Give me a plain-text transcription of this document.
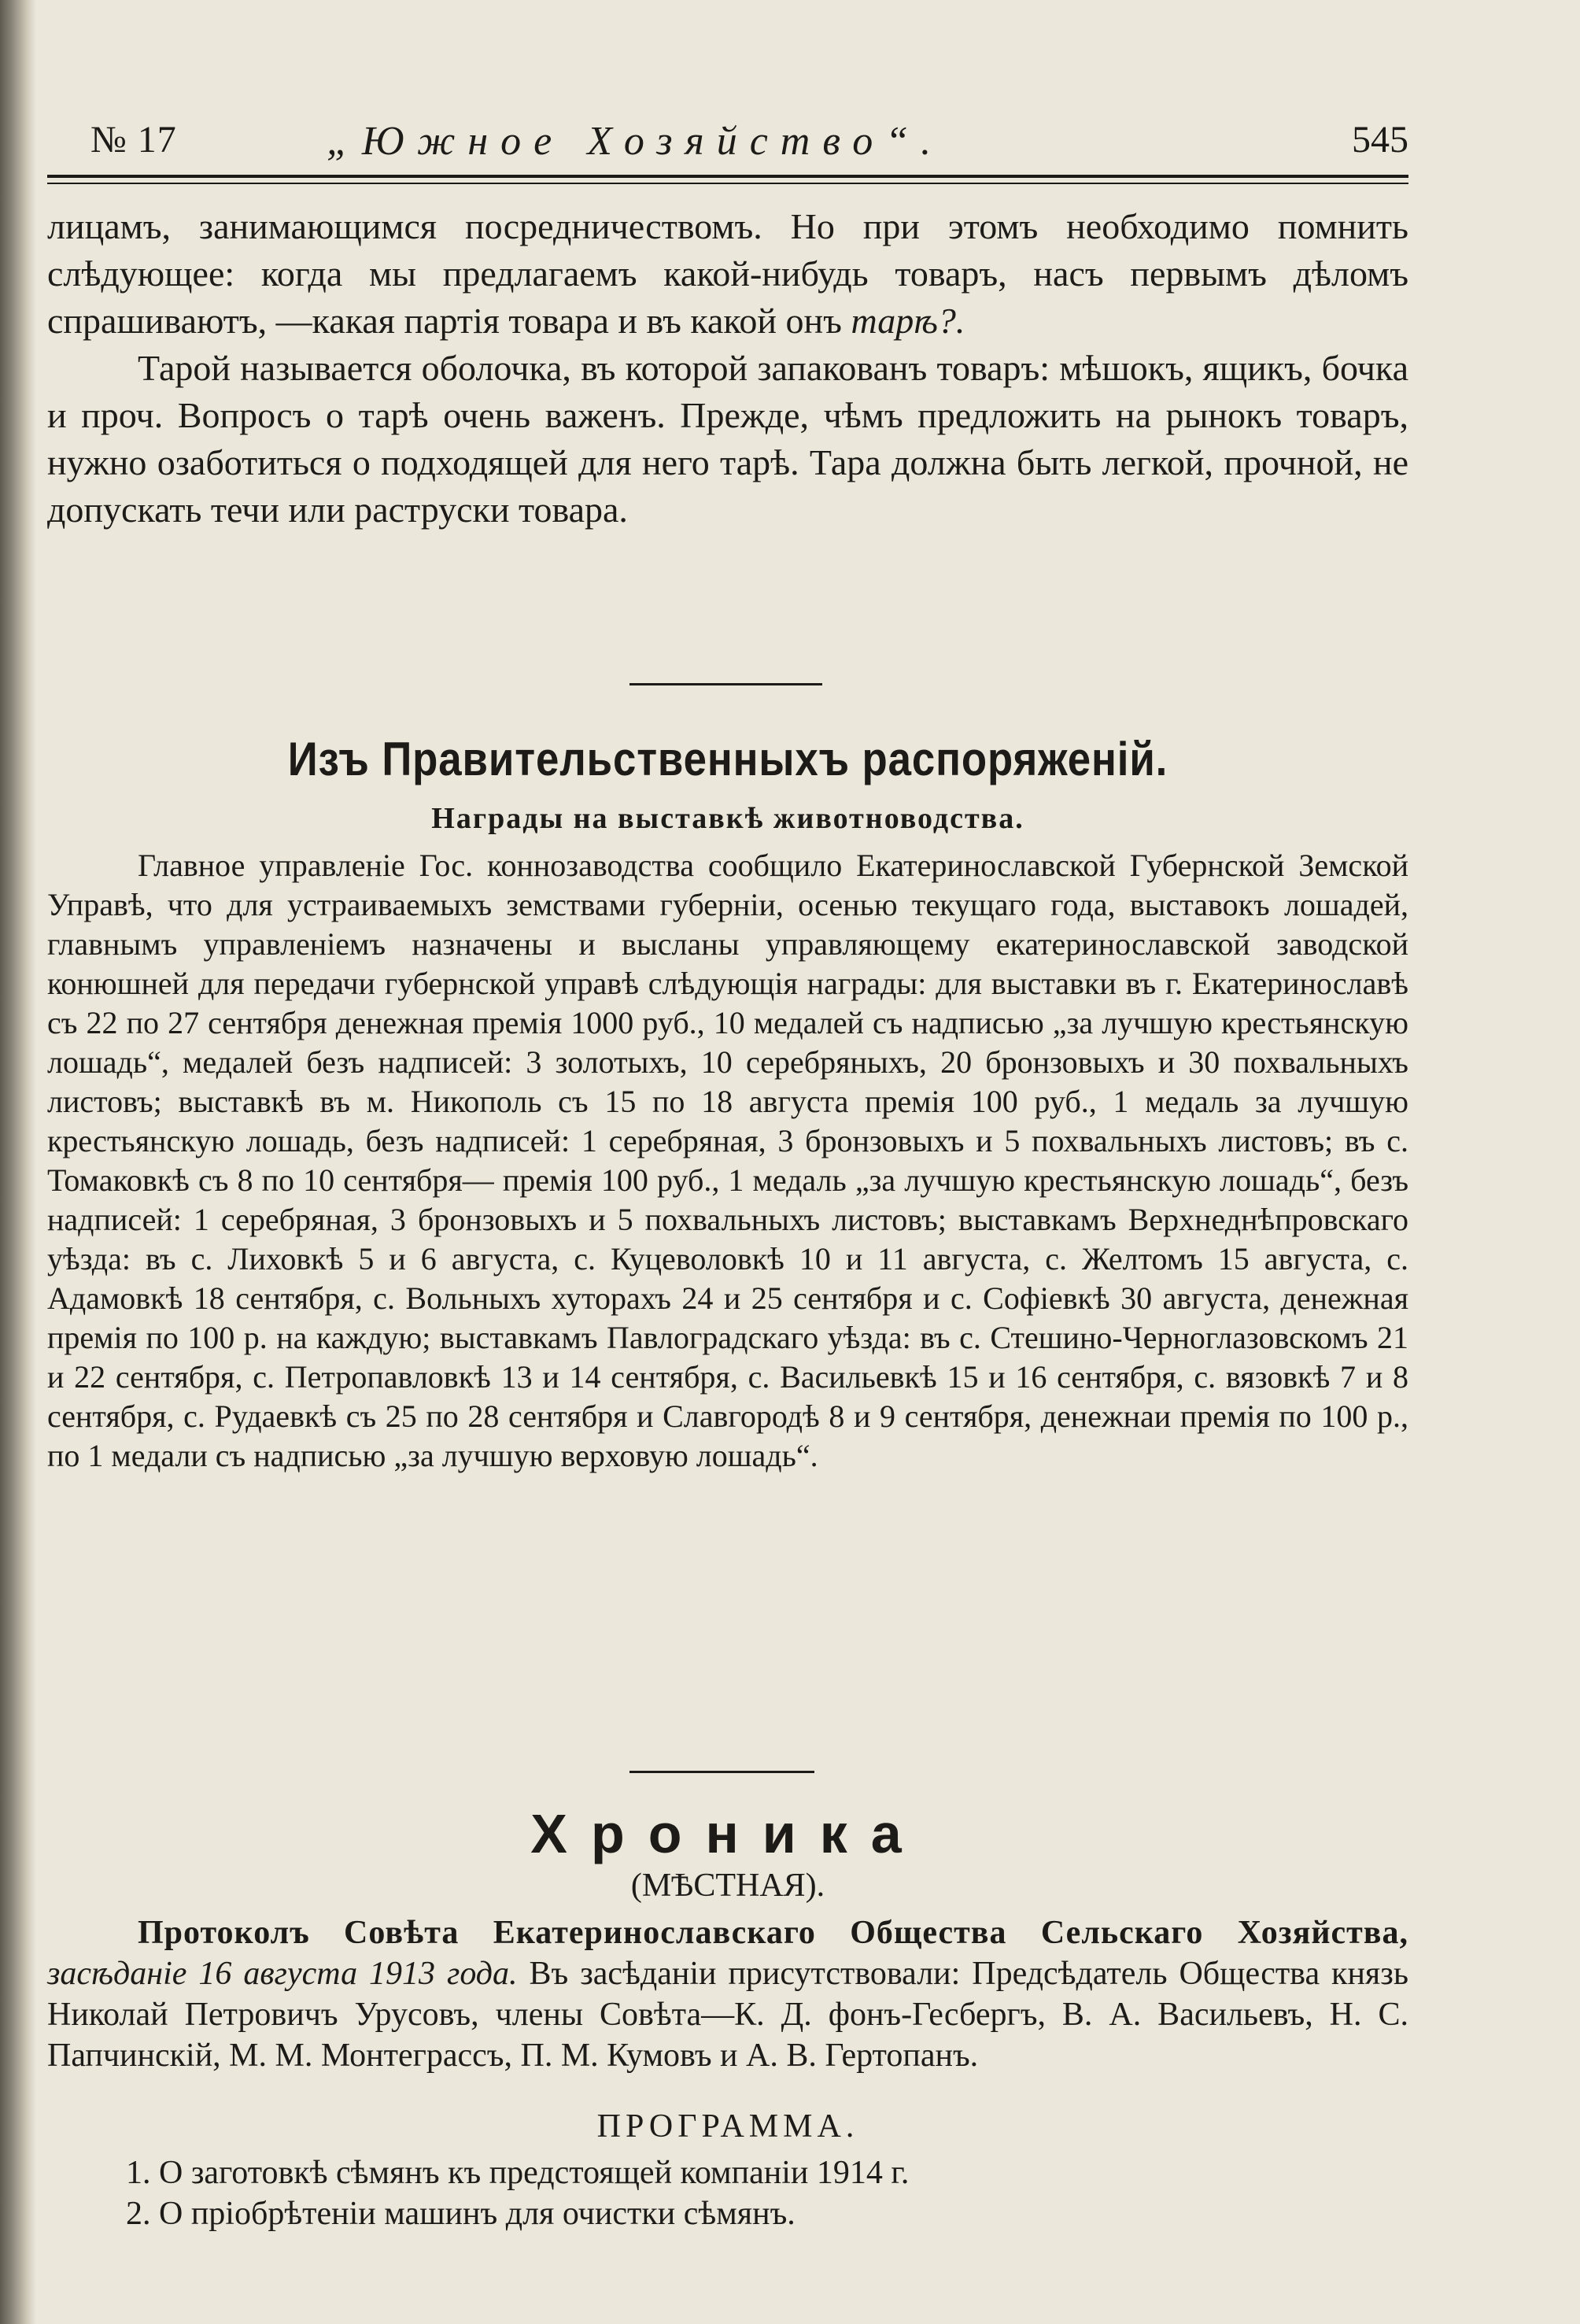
№ 17	„Южное Хозяйство“.	545

лицамъ, занимающимся посредничествомъ. Но при этомъ необходимо помнить слѣдующее: когда мы предлагаемъ какой-нибудь товаръ, насъ первымъ дѣломъ спрашиваютъ, —какая партія товара и въ какой онъ тарѣ?.

Тарой называется оболочка, въ которой запакованъ товаръ: мѣшокъ, ящикъ, бочка и проч. Вопросъ о тарѣ очень важенъ. Прежде, чѣмъ предложить на рынокъ товаръ, нужно озаботиться о подходящей для него тарѣ. Тара должна быть легкой, прочной, не допускать течи или раструски товара.

Изъ Правительственныхъ распоряженій.
Награды на выставкѣ животноводства.

Главное управленіе Гос. коннозаводства сообщило Екатеринославской Губернской Земской Управѣ, что для устраиваемыхъ земствами губерніи, осенью текущаго года, выставокъ лошадей, главнымъ управленіемъ назначены и высланы управляющему екатеринославской заводской конюшней для передачи губернской управѣ слѣдующія награды: для выставки въ г. Екатеринославѣ съ 22 по 27 сентября денежная премія 1000 руб., 10 медалей съ надписью „за лучшую крестьянскую лошадь“, медалей безъ надписей: 3 золотыхъ, 10 серебряныхъ, 20 бронзовыхъ и 30 похвальныхъ листовъ; выставкѣ въ м. Никополь съ 15 по 18 августа премія 100 руб., 1 медаль за лучшую крестьянскую лошадь, безъ надписей: 1 серебряная, 3 бронзовыхъ и 5 похвальныхъ листовъ; въ с. Томаковкѣ съ 8 по 10 сентября— премія 100 руб., 1 медаль „за лучшую крестьянскую лошадь“, безъ надписей: 1 серебряная, 3 бронзовыхъ и 5 похвальныхъ листовъ; выставкамъ Верхнеднѣпровскаго уѣзда: въ с. Лиховкѣ 5 и 6 августа, с. Куцеволовкѣ 10 и 11 августа, с. Желтомъ 15 августа, с. Адамовкѣ 18 сентября, с. Вольныхъ хуторахъ 24 и 25 сентября и с. Софіевкѣ 30 августа, денежная премія по 100 р. на каждую; выставкамъ Павлоградскаго уѣзда: въ с. Стешино-Черноглазовскомъ 21 и 22 сентября, с. Петропавловкѣ 13 и 14 сентября, с. Васильевкѣ 15 и 16 сентября, с. вязовкѣ 7 и 8 сентября, с. Рудаевкѣ съ 25 по 28 сентября и Славгородѣ 8 и 9 сентября, денежнаи премія по 100 р., по 1 медали съ надписью „за лучшую верховую лошадь“.

Хроника
(МѢСТНАЯ).

Протоколъ Совѣта Екатеринославскаго Общества Сельскаго Хозяйства, засѣданіе 16 августа 1913 года. Въ засѣданіи присутствовали: Предсѣдатель Общества князь Николай Петровичъ Урусовъ, члены Совѣта—К. Д. фонъ-Гесбергъ, В. А. Васильевъ, Н. С. Папчинскій, М. М. Монтеграссъ, П. М. Кумовъ и А. В. Гертопанъ.

ПРОГРАММА.
1. О заготовкѣ сѣмянъ къ предстоящей компаніи 1914 г.
2. О пріобрѣтеніи машинъ для очистки сѣмянъ.
